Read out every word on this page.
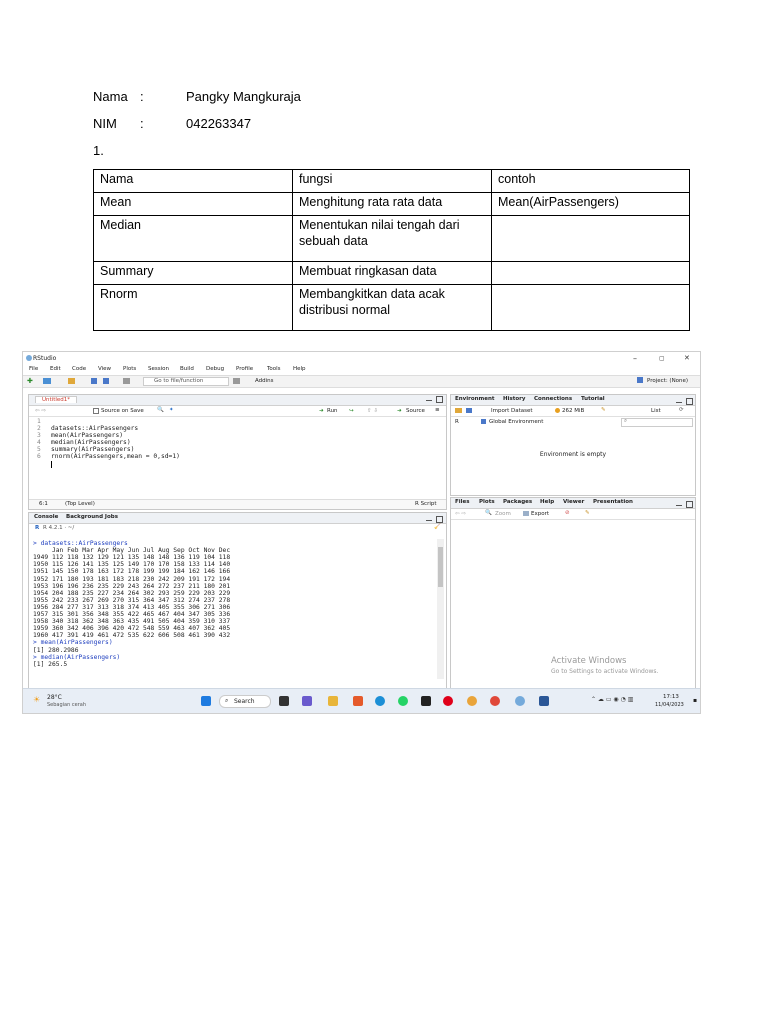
Nama :	Pangky Mangkuraja
NIM :	042263347
1.
Nama	fungsi	contoh
Mean	Menghitung rata rata data	Mean(AirPassengers)
Median	Menentukan nilai tengah dari sebuah data	
Summary	Membuat ringkasan data	
Rnorm	Membangkitkan data acak distribusi normal	
RStudio	–	▢	✕
File Edit Code View Plots Session Build Debug Profile	Tools Help
✚	Go to file/function	Addins	Project: (None)
Untitled1*
⇦ ⇨	Source on Save 🔍 ✦	➜ Run ↪ ⇧ ⇩	➜ Source ≡
1
2
3
4
5
6

datasets::AirPassengers
mean(AirPassengers)
median(AirPassengers)
summary(AirPassengers)
rnorm(AirPassengers,mean = 0,sd=1)

6:1	(Top Level)	R Script
Console Background Jobs
R R 4.2.1 · ~/	🧹

> datasets::AirPassengers
Jan Feb Mar Apr May Jun Jul Aug Sep Oct Nov Dec
1949 112 118 132 129 121 135 148 148 136 119 104 118
1950 115 126 141 135 125 149 170 170 158 133 114 140
1951 145 150 178 163 172 178 199 199 184 162 146 166
1952 171 180 193 181 183 218 230 242 209 191 172 194
1953 196 196 236 235 229 243 264 272 237 211 180 201
1954 204 188 235 227 234 264 302 293 259 229 203 229
1955 242 233 267 269 270 315 364 347 312 274 237 278
1956 284 277 317 313 318 374 413 405 355 306 271 306
1957 315 301 356 348 355 422 465 467 404 347 305 336
1958 340 318 362 348 363 435 491 505 404 359 310 337
1959 360 342 406 396 420 472 548 559 463 407 362 405
1960 417 391 419 461 472 535 622 606 508 461 390 432
> mean(AirPassengers)
[1] 280.2986
> median(AirPassengers)
[1] 265.5
Environment History Connections Tutorial
Import Dataset	262 MiB	✎	List	⟳
R	Global Environment	⌕
Environment is empty
Files Plots Packages Help Viewer Presentation
⇦ ⇨	🔍 Zoom	Export	⊘	✎
Activate Windows
Go to Settings to activate Windows.
☀ 28°C
Sebagian cerah
⌕ Search	⌃ ☁ ▭ ◉ ◔ ▥	17:13
11/04/2023
▪
